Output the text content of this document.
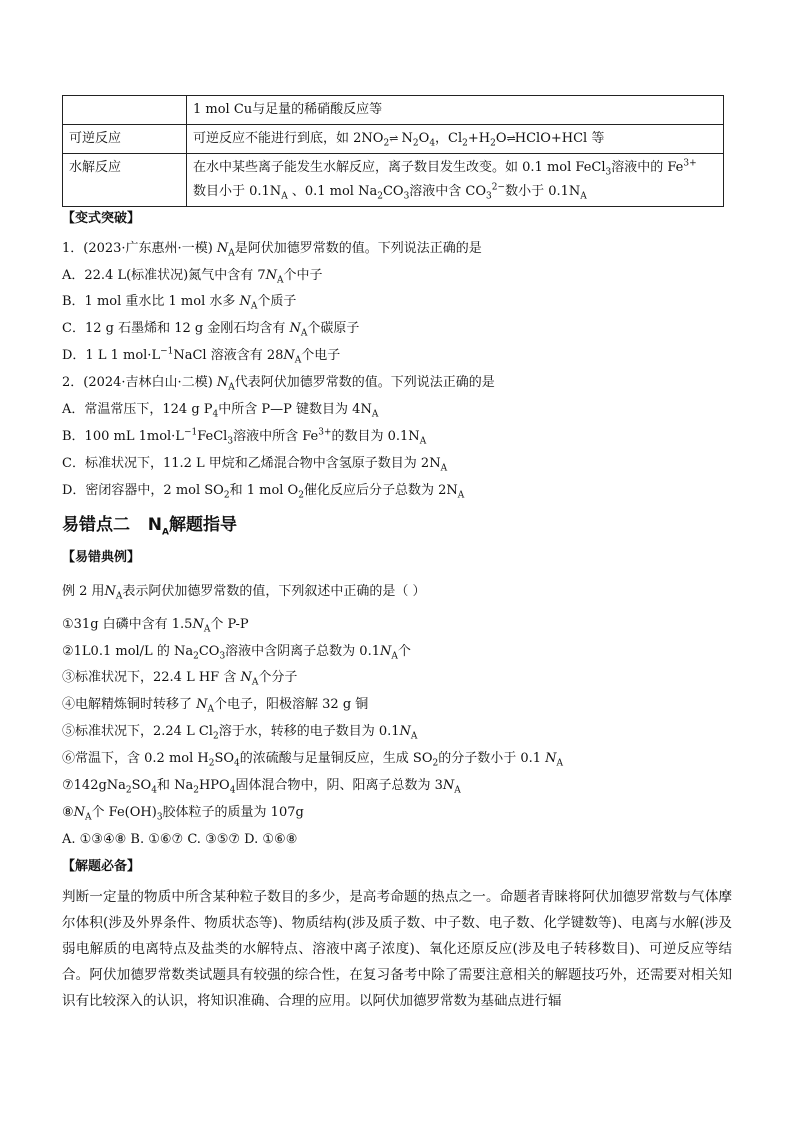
	1 mol Cu与足量的稀硝酸反应等
可逆反应	可逆反应不能进行到底，如 $2NO_2\rightleftharpoons$ $N_2O_4$，$Cl_2+H_2O\rightleftharpoons HClO+HCl$ 等
水解反应	在水中某些离子能发生水解反应，离子数目发生改变。如 0.1 mol FeCl$_3$溶液中的 $Fe^{3+}$
数目小于 $0.1N_A$ 、0.1 mol $Na_2CO_3$溶液中含 $CO_3^{2-}$数小于 $0.1N_A$
【变式突破】
1．(2023·广东惠州·一模) $N_A$是阿伏加德罗常数的值。下列说法正确的是
A．22.4 L(标准状况)氮气中含有 $7N_A$个中子
B．1 mol 重水比 1 mol 水多 $N_A$个质子
C．12 g 石墨烯和 12 g 金刚石均含有 $N_A$个碳原子
D．1 L 1 $mol\cdot L^{-1}NaCl$ 溶液含有 $28N_A$个电子
2．(2024·吉林白山·二模) $N_A$代表阿伏加德罗常数的值。下列说法正确的是
A．常温常压下，124 g $P_4$中所含 P—P 键数目为 $4N_A$
B．100 mL $1mol\cdot L^{-1}FeCl_3$溶液中所含 $Fe^{3+}$的数目为 $0.1N_A$
C．标准状况下，11.2 L 甲烷和乙烯混合物中含氢原子数目为 $2N_A$
D．密闭容器中，2 mol $SO_2$和 1 mol $O_2$催化反应后分子总数为 $2N_A$
易错点二 $N_A$解题指导
【易错典例】
例 2 用$N_A$表示阿伏加德罗常数的值，下列叙述中正确的是（ ）
①31g 白磷中含有 $1.5N_A$个 P-P
②1L0.1 mol/L 的 $Na_2CO_3$溶液中含阴离子总数为 $0.1N_A$个
③标准状况下，22.4 L HF 含 $N_A$个分子
④电解精炼铜时转移了 $N_A$个电子，阳极溶解 32 g 铜
⑤标准状况下，2.24 L $Cl_2$溶于水，转移的电子数目为 $0.1N_A$
⑥常温下，含 0.2 mol $H_2SO_4$的浓硫酸与足量铜反应，生成 $SO_2$的分子数小于 0.1 $N_A$
$⑦142gNa_2SO_4$和 $Na_2HPO_4$固体混合物中，阴、阳离子总数为 $3N_A$
$⑧N_A$个 $Fe(OH)_3$胶体粒子的质量为 107g
A. ①③④⑧ B. ①⑥⑦ C. ③⑤⑦ D. ①⑥⑧
【解题必备】
判断一定量的物质中所含某种粒子数目的多少，是高考命题的热点之一。命题者青睐将阿伏加德罗常数与气体摩尔体积(涉及外界条件、物质状态等)、物质结构(涉及质子数、中子数、电子数、化学键数等)、电离与水解(涉及弱电解质的电离特点及盐类的水解特点、溶液中离子浓度)、氧化还原反应(涉及电子转移数目)、可逆反应等结合。阿伏加德罗常数类试题具有较强的综合性，在复习备考中除了需要注意相关的解题技巧外，还需要对相关知识有比较深入的认识，将知识准确、合理的应用。以阿伏加德罗常数为基础点进行辐
